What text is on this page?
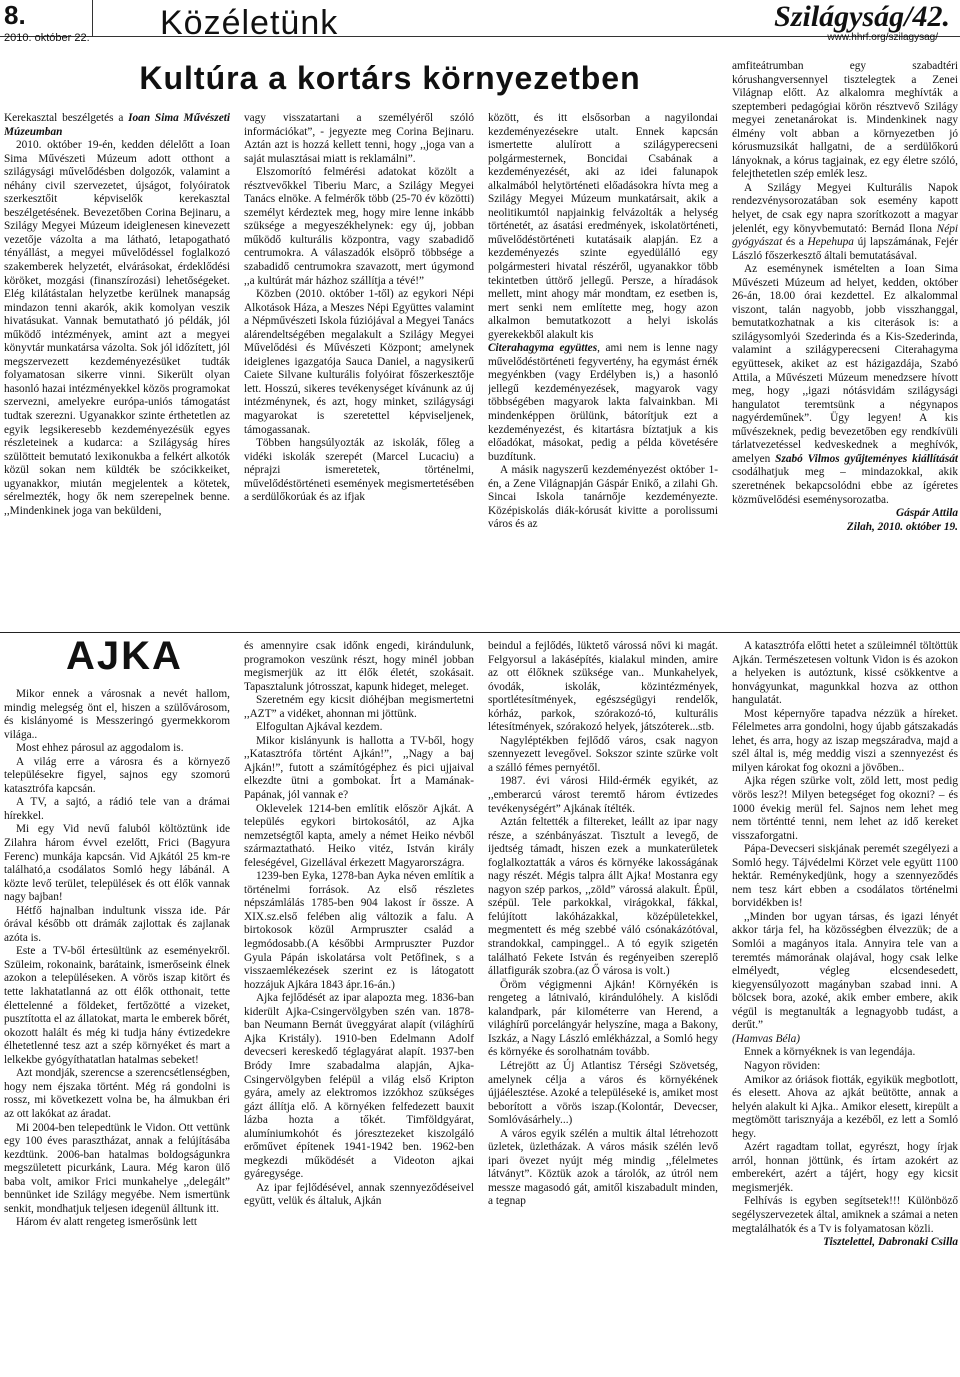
8.	Közéletünk	Szilágyság/42.
2010. október 22.	www.hhrf.org/szilagysag/
Kultúra a kortárs környezetben

Kerekasztal beszélgetés a Ioan Sima Művészeti Múzeumban

2010. október 19-én, kedden délelőtt a Ioan Sima Művészeti Múzeum adott otthont a szilágysági művelődésben dolgozók, valamint a néhány civil szervezetet, újságot, folyóiratok szerkesztőit képviselők kerekasztal beszélgetésének. Bevezetőben Corina Bejinaru, a Szilágy Megyei Múzeum ideiglenesen kinevezett vezetője vázolta a ma látható, letapogatható tényállást, a megyei művelődéssel foglalkozó szakemberek helyzetét, elvárásokat, érdeklődési köröket, mozgási (finanszírozási) lehetőségeket. Elég kilátástalan helyzetbe kerülnek manapság mindazon tenni akarók, akik komolyan veszik hivatásukat. Vannak bemutatható jó példák, jól működő intézmények, amint azt a megyei könyvtár munkatársa vázolta. Sok jól időzített, jól megszervezett kezdeményezésüket tudták folyamatosan sikerre vinni. Sikerült olyan hasonló hazai intézményekkel közös programokat szervezni, amelyekre európa-uniós támogatást tudtak szerezni. Ugyanakkor szinte érthetetlen az egyik legsikeresebb kezdeményezésük egyes részleteinek a kudarca: a Szilágyság híres szülötteit bemutató lexikonukba a felkért alkotók közül sokan nem küldték be szócikkeiket, ugyanakkor, miután megjelentek a kötetek, sérelmezték, hogy ők nem szerepelnek benne. ,,Mindenkinek joga van beküldeni,

vagy visszatartani a személyéről szóló információkat”, - jegyezte meg Corina Bejinaru. Aztán azt is hozzá kellett tenni, hogy ,,joga van a saját mulasztásai miatt is reklamálni”.

Elszomorító felmérési adatokat közölt a résztvevőkkel Tiberiu Marc, a Szilágy Megyei Tanács elnöke. A felmérők több (25-70 év közötti) személyt kérdeztek meg, hogy mire lenne inkább szüksége a megyeszékhelynek: egy új, jobban működő kulturális központra, vagy szabadidő centrumokra. A válaszadók elsöprő többsége a szabadidő centrumokra szavazott, mert úgymond ,,a kultúrát már házhoz szállítja a tévé!”

Közben (2010. október 1-től) az egykori Népi Alkotások Háza, a Meszes Népi Együttes valamint a Népművészeti Iskola fúziójával a Megyei Tanács alárendeltségében megalakult a Szilágy Megyei Művelődési és Művészeti Központ; amelynek ideiglenes igazgatója Sauca Daniel, a nagysikerű Caiete Silvane kulturális folyóirat főszerkesztője lett. Hosszú, sikeres tevékenységet kívánunk az új intézménynek, és azt, hogy minket, szilágysági magyarokat is szeretettel képviseljenek, támogassanak.

Többen hangsúlyozták az iskolák, főleg a vidéki iskolák szerepét (Marcel Lucaciu) a néprajzi ismeretetek, történelmi, művelődéstörténeti események megismertetésében a serdülőkorúak és az ifjak

között, és itt elsősorban a nagyilondai kezdeményezésekre utalt. Ennek kapcsán ismertette alulírott a szilágyperecseni polgármesternek, Boncidai Csabának a kezdeményezését, aki az idei falunapok alkalmából helytörténeti előadásokra hívta meg a Szilágy Megyei Múzeum munkatársait, akik a neolitikumtól napjainkig felvázolták a helység történetét, az ásatási eredmények, iskolatörténeti, művelődéstörténeti kutatásaik alapján. Ez a kezdeményezés szinte egyedülálló egy polgármesteri hivatal részéről, ugyanakkor több tekintetben úttörő jellegű. Persze, a híradások mellett, mint ahogy már mondtam, ez esetben is, mert senki nem említette meg, hogy azon alkalmon bemutatkozott a helyi iskolás gyerekekből alakult kis

Citerahagyma együttes, ami nem is lenne nagy művelődéstörténeti fegyvertény, ha egymást érnék megyénkben (vagy Erdélyben is,) a hasonló jellegű kezdeményezések, magyarok vagy többségében magyarok lakta falvainkban. Mi mindenképpen örülünk, bátorítjuk ezt a kezdeményezést, és kitartásra bíztatjuk a kis előadókat, másokat, pedig a példa követésére buzdítunk.

A másik nagyszerű kezdeményezést október 1-én, a Zene Világnapján Gáspár Enikő, a zilahi Gh. Sincai Iskola tanárnője kezdeményezte. Középiskolás diák-kórusát kivitte a porolissumi város és az

amfiteátrumban egy szabadtéri kórushangversennyel tisztelegtek a Zenei Világnap előtt. Az alkalomra meghívták a szeptemberi pedagógiai körön résztvevő Szilágy megyei zenetanárokat is. Mindenkinek nagy élmény volt abban a környezetben jó kórusmuzsikát hallgatni, de a serdülőkorú lányoknak, a kórus tagjainak, ez egy életre szóló, felejthetetlen szép emlék lesz.

A Szilágy Megyei Kulturális Napok rendezvénysorozatában sok esemény kapott helyet, de csak egy napra szorítkozott a magyar jelenlét, egy könyvbemutató: Bernád Ilona Népi gyógyászat és a Hepehupa új lapszámának, Fejér László főszerkesztő általi bemutatásával.

Az eseménynek ismételten a Ioan Sima Művészeti Múzeum ad helyet, kedden, október 26-án, 18.00 órai kezdettel. Ez alkalommal viszont, talán nagyobb, jobb visszhanggal, bemutatkozhatnak a kis citerások is: a szilágysomlyói Szederinda és a Kis-Szederinda, valamint a szilágyperecseni Citerahagyma együttesek, akiket az est házigazdája, Szabó Attila, a Művészeti Múzeum menedzsere hívott meg, hogy ,,igazi nótásvidám szilágysági hangulatot teremtsünk a négynapos nagyérdeműnek”. Ügy legyen! A kis művészeknek, pedig bevezetőben egy rendkívüli tárlatvezetéssel kedveskednek a meghívók, amelyen Szabó Vilmos gyűjteményes kiállítását csodálhatjuk meg – mindazokkal, akik szeretnének bekapcsolódni ebbe az ígéretes közművelődési eseménysorozatba.

Gáspár Attila
Zilah, 2010. október 19.
AJKA

Mikor ennek a városnak a nevét hallom, mindig melegség önt el, hiszen a szülővárosom, és kislányomé is Messzeringó gyermekkorom világa..

Most ehhez párosul az aggodalom is.

A világ erre a városra és a környező településekre figyel, sajnos egy szomorú katasztrófa kapcsán.

A TV, a sajtó, a rádió tele van a drámai hírekkel.

Mi egy Vid nevű faluból költöztünk ide Zilahra három évvel ezelőtt, Frici (Bagyura Ferenc) munkája kapcsán. Vid Ajkától 25 km-re található,a csodálatos Somló hegy lábánál. A közte levő terület, települések és ott élők vannak nagy bajban!

Hétfő hajnalban indultunk vissza ide. Pár órával később ott drámák zajlottak és zajlanak azóta is.

Este a TV-ből értesültünk az eseményekről. Szüleim, rokonaink, barátaink, ismerőseink élnek azokon a településeken. A vörös iszap kitört és tette lakhatatlanná az ott élők otthonait, tette élettelenné a földeket, fertőzötté a vizeket, pusztította el az állatokat, marta le emberek bőrét, okozott halált és még ki tudja hány évtizedekre élhetetlenné tesz azt a szép környéket és mart a lelkekbe gyógyíthatatlan hatalmas sebeket!

Azt mondják, szerencse a szerencsétlenségben, hogy nem éjszaka történt. Még rá gondolni is rossz, mi következett volna be, ha álmukban éri az ott lakókat az áradat.

Mi 2004-ben telepedtünk le Vidon. Ott vettünk egy 100 éves parasztházat, annak a felújításába kezdtünk. 2006-ban hatalmas boldogságunkra megszületett picurkánk, Laura. Még karon ülő baba volt, amikor Frici munkahelye ,,delegált” bennünket ide Szilágy megyébe. Nem ismertünk senkit, mondhatjuk teljesen idegenül álltunk itt.

Három év alatt rengeteg ismerősünk lett

és amennyire csak időnk engedi, kirándulunk, programokon veszünk részt, hogy minél jobban megismerjük az itt élők életét, szokásait. Tapasztalunk jótrosszat, kapunk hideget, meleget.

Szeretném egy kicsit dióhéjban megismertetni ,,AZT” a vidéket, ahonnan mi jöttünk.

Elfogultan Ajkával kezdem.

Mikor kislányunk is hallotta a TV-ből, hogy ,,Katasztrófa történt Ajkán!”, ,,Nagy a baj Ajkán!”, futott a számítógéphez és pici ujjaival elkezdte ütni a gombokat. Írt a Mamának-Papának, jól vannak e?

Oklevelek 1214-ben említik először Ajkát. A település egykori birtokosától, az Ajka nemzetségtől kapta, amely a német Heiko névből származtatható. Heiko vitéz, István király feleségével, Gizellával érkezett Magyarországra.

1239-ben Eyka, 1278-ban Ayka néven említik a történelmi források. Az első részletes népszámlálás 1785-ben 904 lakost ír össze. A XIX.sz.első felében alig változik a falu. A birtokosok közül Armpruszter család a legmódosabb.(A későbbi Armpruszter Puzdor Gyula Pápán iskolatársa volt Petőfinek, s a visszaemlékezések szerint ez is látogatott hozzájuk Ajkára 1843 ápr.16-án.)

Ajka fejlődését az ipar alapozta meg. 1836-ban kiderült Ajka-Csingervölgyben szén van. 1878-ban Neumann Bernát üveggyárat alapít (világhírű Ajka Kristály). 1910-ben Edelmann Adolf devecseri kereskedő téglagyárat alapít. 1937-ben Bródy Imre szabadalma alapján, Ajka-Csingervölgyben felépül a világ első Kripton gyára, amely az elektromos izzókhoz szükséges gázt állítja elő. A környéken felfedezett bauxit lázba hozta a tőkét. Timföldgyárat, alumíniumkohót és jóresztezeket kiszolgáló erőművet építenek 1941-1942 ben. 1962-ben megkezdi működését a Videoton ajkai gyáregysége.

Az ipar fejlődésével, annak szennyeződéseivel együtt, velük és általuk, Ajkán

beindul a fejlődés, lüktető várossá nővi ki magát. Felgyorsul a lakásépítés, kialakul minden, amire az ott élőknek szüksége van.. Munkahelyek, óvodák, iskolák, közintézmények, sportlétesítmények, egészségügyi rendelők, kórház, parkok, szórakozó-tó, kulturális létesítmények, szórakozó helyek, játszóterek...stb.

Nagyléptékben fejlődő város, csak nagyon szennyezett levegővel. Sokszor szinte szürke volt a szálló fémes pernyétől.

1987. évi városi Hild-érmék egyikét, az ,,emberarcú várost teremtő három évtizedes tevékenységért” Ajkának ítélték.

Aztán feltették a filtereket, leállt az ipar nagy része, a szénbányászat. Tisztult a levegő, de ijedtség támadt, hiszen ezek a munkaterületek foglalkoztatták a város és környéke lakosságának nagy részét. Mégis talpra állt Ajka! Mostanra egy nagyon szép parkos, ,,zöld” várossá alakult. Épül, szépül. Tele parkokkal, virágokkal, fákkal, felújított lakóházakkal, középületekkel, megmentett és még szebbé váló csónakázótóval, strandokkal, campinggel.. A tó egyik szigetén található Fekete István és regényeiben szereplő állatfigurák szobra.(az Ő városa is volt.)

Öröm végigmenni Ajkán! Környékén is rengeteg a látnivaló, kirándulóhely. A kislődi kalandpark, pár kilométerre van Herend, a világhírű porcelángyár helyszíne, maga a Bakony, Iszkáz, a Nagy László emlékházzal, a Somló hegy és környéke és sorolhatnám tovább.

Létrejött az Új Atlantisz Térségi Szövetség, amelynek célja a város és környékének újjáélesztése. Azoké a településeké is, amiket most beborított a vörös iszap.(Kolontár, Devecser, Somlóvásárhely...)

A város egyik szélén a multik által létrehozott üzletek, üzletházak. A város másik szélén levő ipari övezet nyújt még mindig ,,félelmetes látványt”. Köztük azok a tárolók, az útról nem messze magasodó gát, amitől kiszabadult minden, a tegnap

A katasztrófa előtti hetet a szüleimnél töltöttük Ajkán. Természetesen voltunk Vidon is és azokon a helyeken is autóztunk, kissé csökkentve a honvágyunkat, magunkkal hozva az otthon hangulatát.

Most képernyőre tapadva nézzük a híreket. Félelmetes arra gondolni, hogy újabb gátszakadás lehet, és arra, hogy az iszap megszáradva, majd a szél által is, még meddig viszi a szennyezést és milyen károkat fog okozni a jövőben..

Ajka régen szürke volt, zöld lett, most pedig vörös lesz?! Milyen betegséget fog okozni? – és 1000 évekig merül fel. Sajnos nem lehet meg nem történtté tenni, nem lehet az idő kereket visszaforgatni.

Pápa-Devecseri siskjának peremét szegélyezi a Somló hegy. Tájvédelmi Körzet vele együtt 1100 hektár. Reménykedjünk, hogy a szennyeződés nem tesz kárt ebben a csodálatos történelmi borvidékben is!

,,Minden bor ugyan társas, és igazi lényét akkor tárja fel, ha közösségben élvezzük; de a Somlói a magányos itala. Annyira tele van a teremtés mámorának olajával, hogy csak lelke elmélyedt, végleg elcsendesedett, kiegyensúlyozott magányban szabad inni. A bölcsek bora, azoké, akik ember embere, akik végül is megtanulták a legnagyobb tudást, a derűt.”

(Hamvas Béla)

Ennek a környéknek is van legendája.

Nagyon röviden:

Amikor az óriások fiották, egyikük megbotlott, és elesett. Ahova az ajkát beütötte, annak a helyén alakult ki Ajka.. Amikor elesett, kirepült a megtömött tarisznyája a kezéből, ez lett a Somló hegy.

Azért ragadtam tollat, egyrészt, hogy írjak arról, honnan jöttünk, és írtam azokért az emberekért, azért a tájért, hogy egy kicsit megismerjék.

Felhívás is egyben segítsetek!!! Különböző segélyszervezetek által, amiknek a számai a neten megtalálhatók és a Tv is folyamatosan közli.

Tisztelettel, Dabronaki Csilla
